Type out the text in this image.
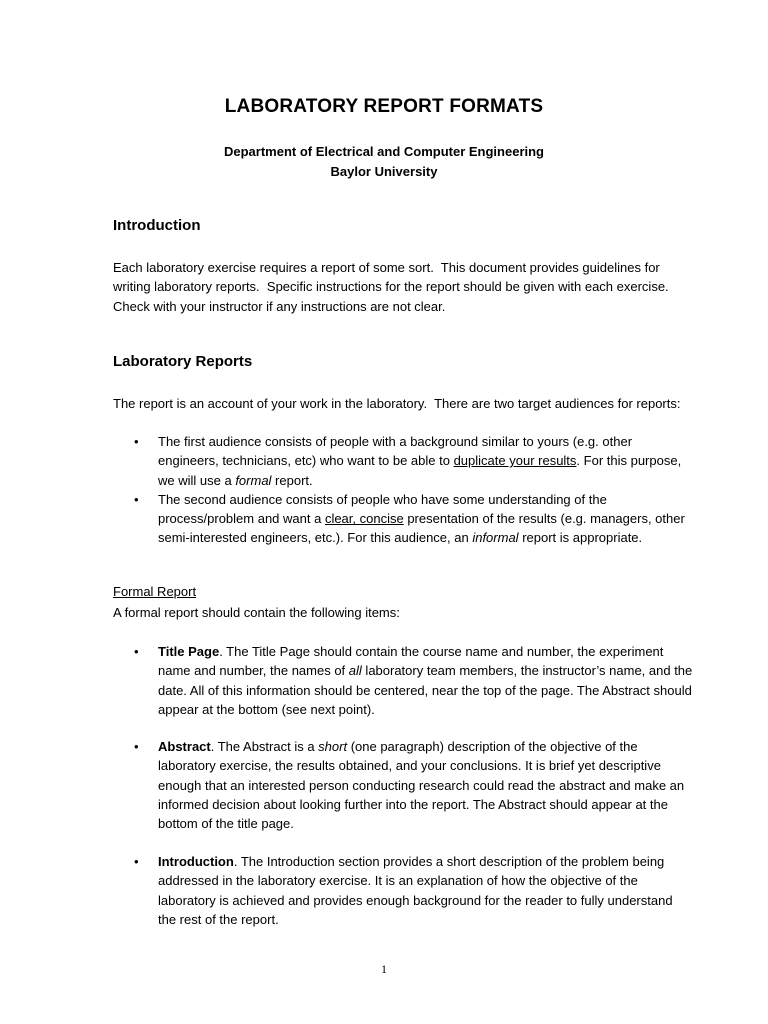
LABORATORY REPORT FORMATS
Department of Electrical and Computer Engineering
Baylor University
Introduction
Each laboratory exercise requires a report of some sort.  This document provides guidelines for writing laboratory reports.  Specific instructions for the report should be given with each exercise.  Check with your instructor if any instructions are not clear.
Laboratory Reports
The report is an account of your work in the laboratory.  There are two target audiences for reports:
• The first audience consists of people with a background similar to yours (e.g. other engineers, technicians, etc) who want to be able to duplicate your results. For this purpose, we will use a formal report.
• The second audience consists of people who have some understanding of the process/problem and want a clear, concise presentation of the results (e.g. managers, other semi-interested engineers, etc.). For this audience, an informal report is appropriate.
Formal Report
A formal report should contain the following items:
• Title Page. The Title Page should contain the course name and number, the experiment name and number, the names of all laboratory team members, the instructor’s name, and the date. All of this information should be centered, near the top of the page. The Abstract should appear at the bottom (see next point).
• Abstract. The Abstract is a short (one paragraph) description of the objective of the laboratory exercise, the results obtained, and your conclusions. It is brief yet descriptive enough that an interested person conducting research could read the abstract and make an informed decision about looking further into the report. The Abstract should appear at the bottom of the title page.
• Introduction. The Introduction section provides a short description of the problem being addressed in the laboratory exercise. It is an explanation of how the objective of the laboratory is achieved and provides enough background for the reader to fully understand the rest of the report.
1
